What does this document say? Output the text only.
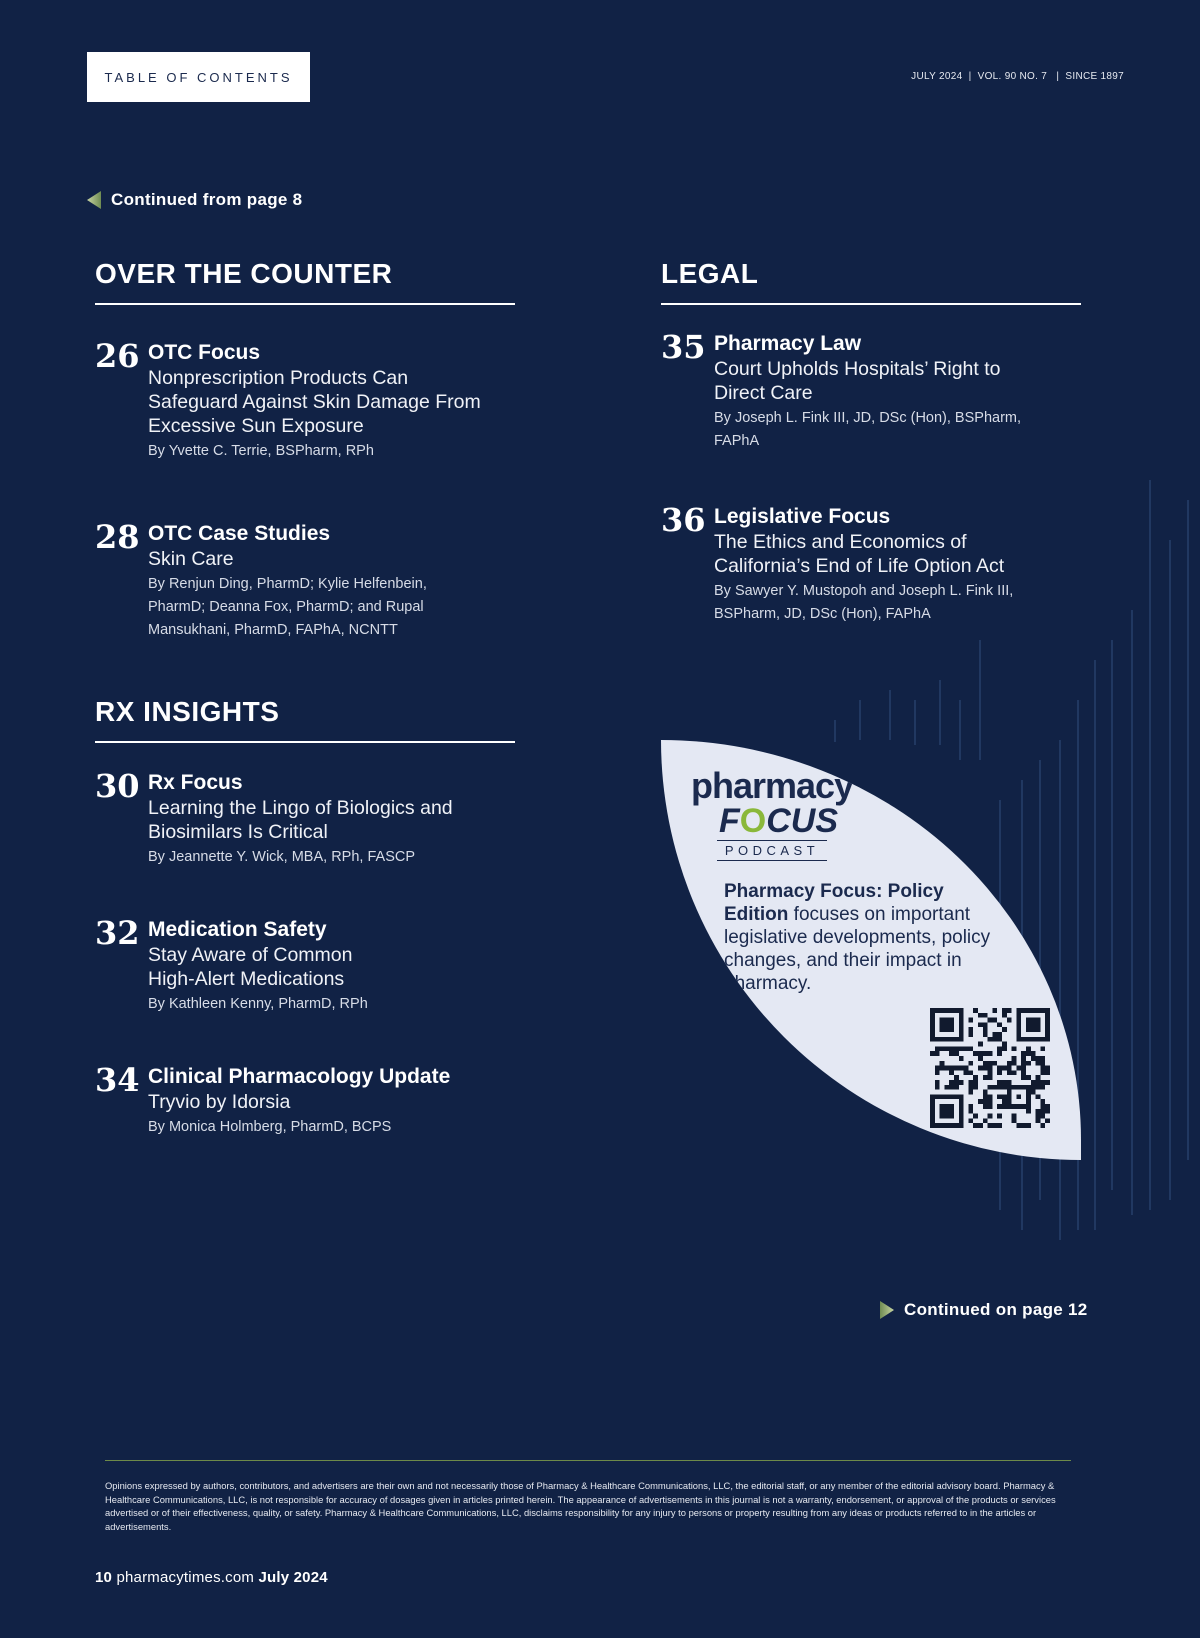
TABLE OF CONTENTS	JULY 2024  |  VOL. 90 NO. 7   |  SINCE 1897
Continued from page 8
OVER THE COUNTER
26 OTC Focus
Nonprescription Products Can
Safeguard Against Skin Damage From
Excessive Sun Exposure
By Yvette C. Terrie, BSPharm, RPh
28 OTC Case Studies
Skin Care
By Renjun Ding, PharmD; Kylie Helfenbein,
PharmD; Deanna Fox, PharmD; and Rupal
Mansukhani, PharmD, FAPhA, NCNTT
RX INSIGHTS
30 Rx Focus
Learning the Lingo of Biologics and
Biosimilars Is Critical
By Jeannette Y. Wick, MBA, RPh, FASCP
32 Medication Safety
Stay Aware of Common
High-Alert Medications
By Kathleen Kenny, PharmD, RPh
34 Clinical Pharmacology Update
Tryvio by Idorsia
By Monica Holmberg, PharmD, BCPS
LEGAL
35 Pharmacy Law
Court Upholds Hospitals’ Right to
Direct Care
By Joseph L. Fink III, JD, DSc (Hon), BSPharm,
FAPhA
36 Legislative Focus
The Ethics and Economics of
California’s End of Life Option Act
By Sawyer Y. Mustopoh and Joseph L. Fink III,
BSPharm, JD, DSc (Hon), FAPhA
pharmacy
F O CUS
PODCAST
Pharmacy Focus: Policy
Edition focuses on important
legislative developments, policy
changes, and their impact in
pharmacy.
Continued on page 12
Opinions expressed by authors, contributors, and advertisers are their own and not necessarily those of Pharmacy & Healthcare Communications, LLC, the editorial staff, or any member of the editorial advisory board. Pharmacy & Healthcare Communications, LLC, is not responsible for accuracy of dosages given in articles printed herein. The appearance of advertisements in this journal is not a warranty, endorsement, or approval of the products or services advertised or of their effectiveness, quality, or safety. Pharmacy & Healthcare Communications, LLC, disclaims responsibility for any injury to persons or property resulting from any ideas or products referred to in the articles or advertisements.
10 pharmacytimes.com July 2024
